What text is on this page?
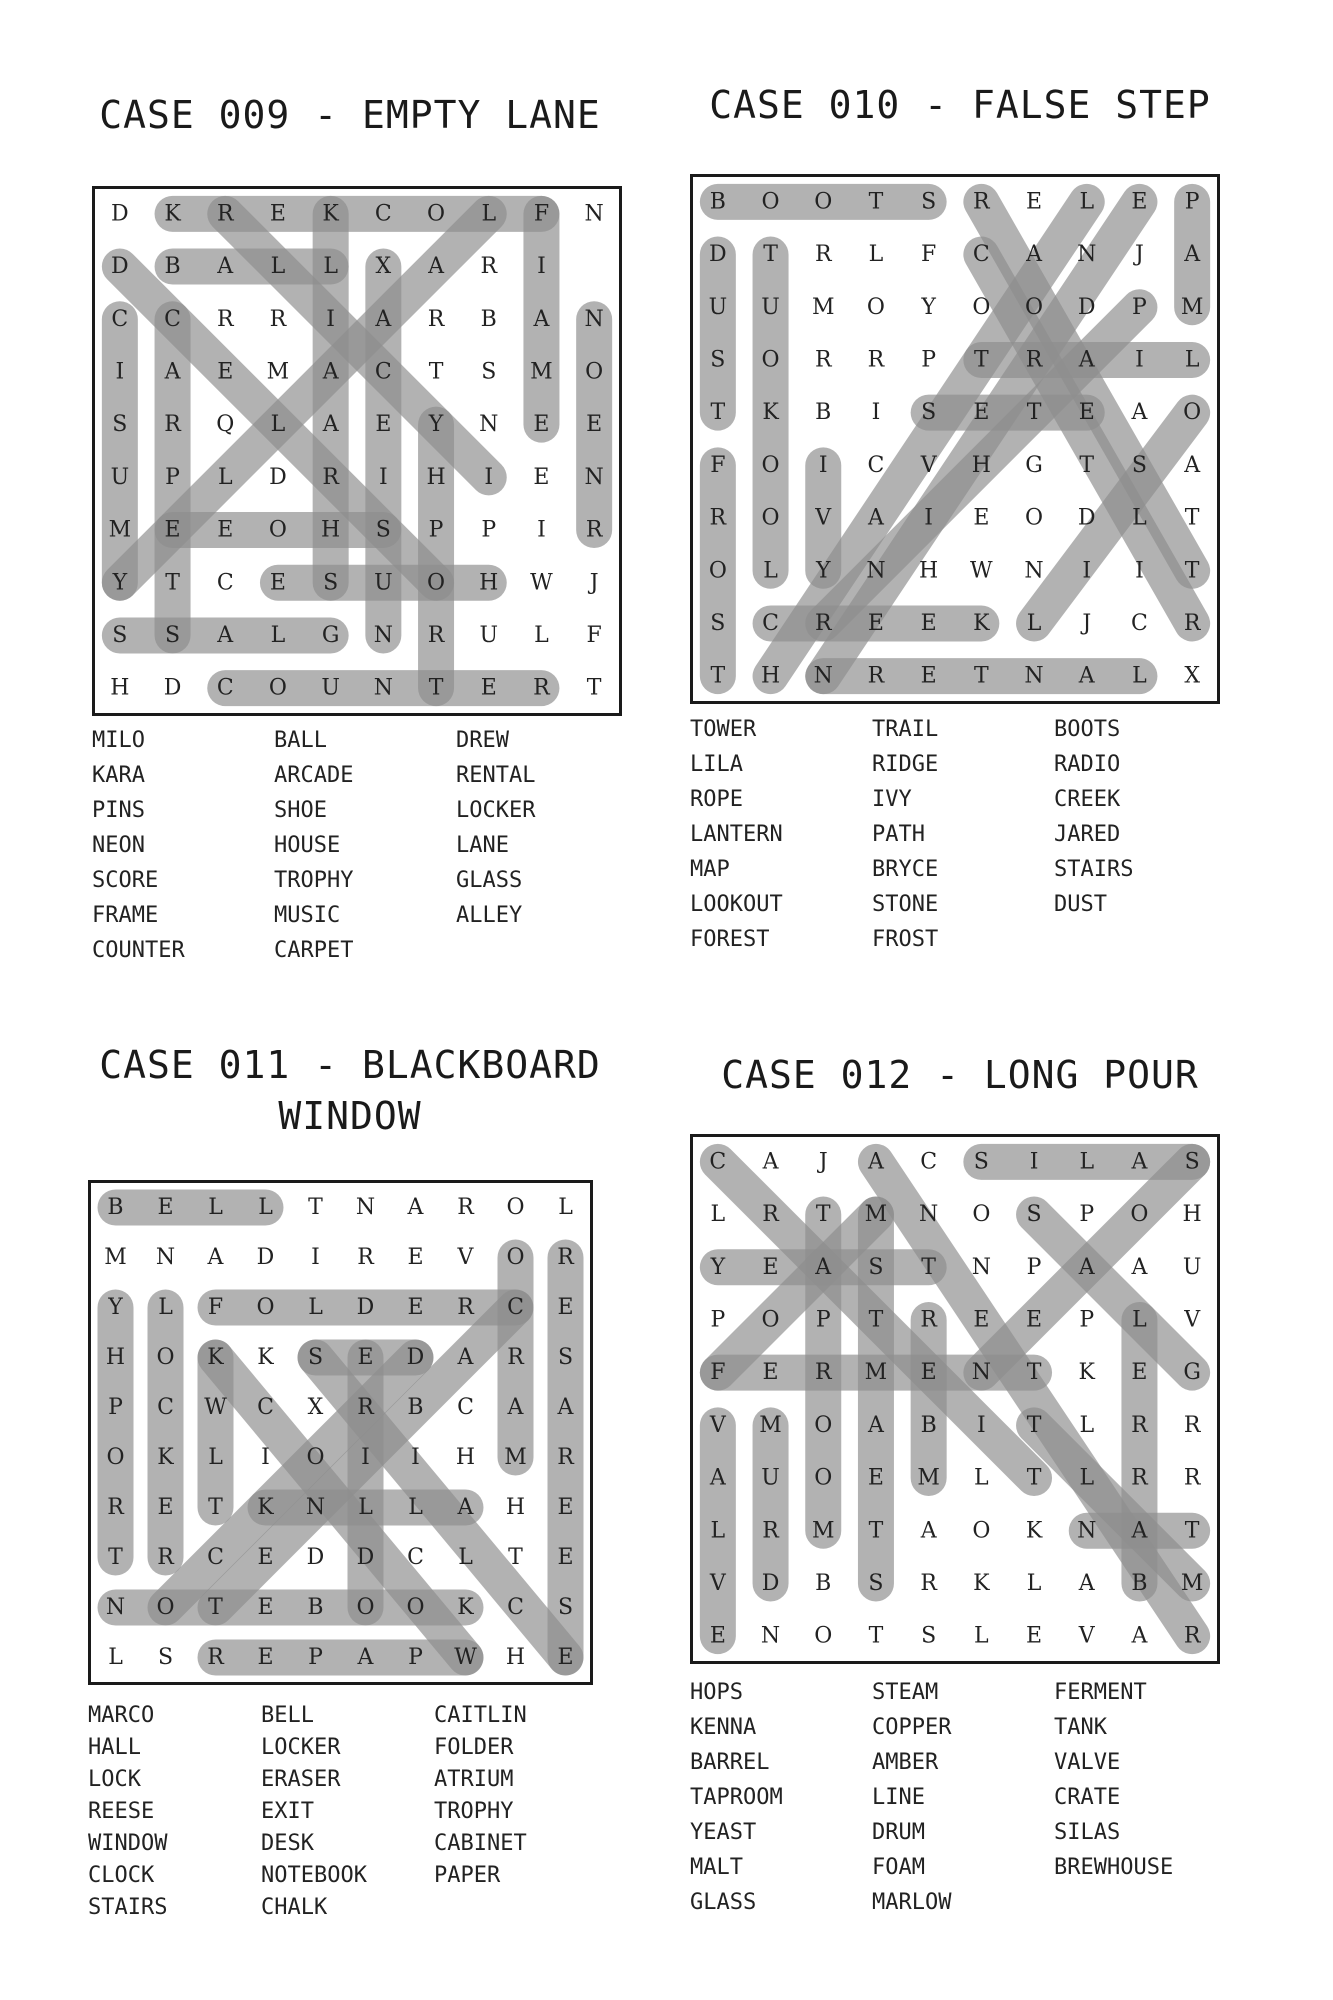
CASE 009 - EMPTY LANE
D K R E K C O L F N
D B A L L X A R I
C C R R I A R B A N
I A E M A C T S M O
S R Q L A E Y N E E
U P L D R I H I E N
M E E O H S P P I R
Y T C E S U O H W J
S S A L G N R U L F
H D C O U N T E R T
MILO	BALL	DREW
KARA	ARCADE	RENTAL
PINS	SHOE	LOCKER
NEON	HOUSE	LANE
SCORE	TROPHY	GLASS
FRAME	MUSIC	ALLEY
COUNTER	CARPET
CASE 010 - FALSE STEP
B O O T S R E L E P
D T R L F C A N J A
U U M O Y O O D P M
S O R R P T R A I L
T K B I S E T E A O
F O I C V H G T S A
R O V A I E O D L T
O L Y N H W N I I T
S C R E E K L J C R
T H N R E T N A L X
TOWER	TRAIL	BOOTS
LILA	RIDGE	RADIO
ROPE	IVY	CREEK
LANTERN	PATH	JARED
MAP	BRYCE	STAIRS
LOOKOUT	STONE	DUST
FOREST	FROST
CASE 011 - BLACKBOARD
WINDOW
B E L L T N A R O L
M N A D I R E V O R
Y L F O L D E R C E
H O K K S E D A R S
P C W C X R B C A A
O K L I O I I H M R
R E T K N L L A H E
T R C E D D C L T E
N O T E B O O K C S
L S R E P A P W H E
MARCO	BELL	CAITLIN
HALL	LOCKER	FOLDER
LOCK	ERASER	ATRIUM
REESE	EXIT	TROPHY
WINDOW	DESK	CABINET
CLOCK	NOTEBOOK	PAPER
STAIRS	CHALK
CASE 012 - LONG POUR
C A J A C S I L A S
L R T M N O S P O H
Y E A S T N P A A U
P O P T R E E P L V
F E R M E N T K E G
V M O A B I T L R R
A U O E M L T L R R
L R M T A O K N A T
V D B S R K L A B M
E N O T S L E V A R
HOPS	STEAM	FERMENT
KENNA	COPPER	TANK
BARREL	AMBER	VALVE
TAPROOM	LINE	CRATE
YEAST	DRUM	SILAS
MALT	FOAM	BREWHOUSE
GLASS	MARLOW
